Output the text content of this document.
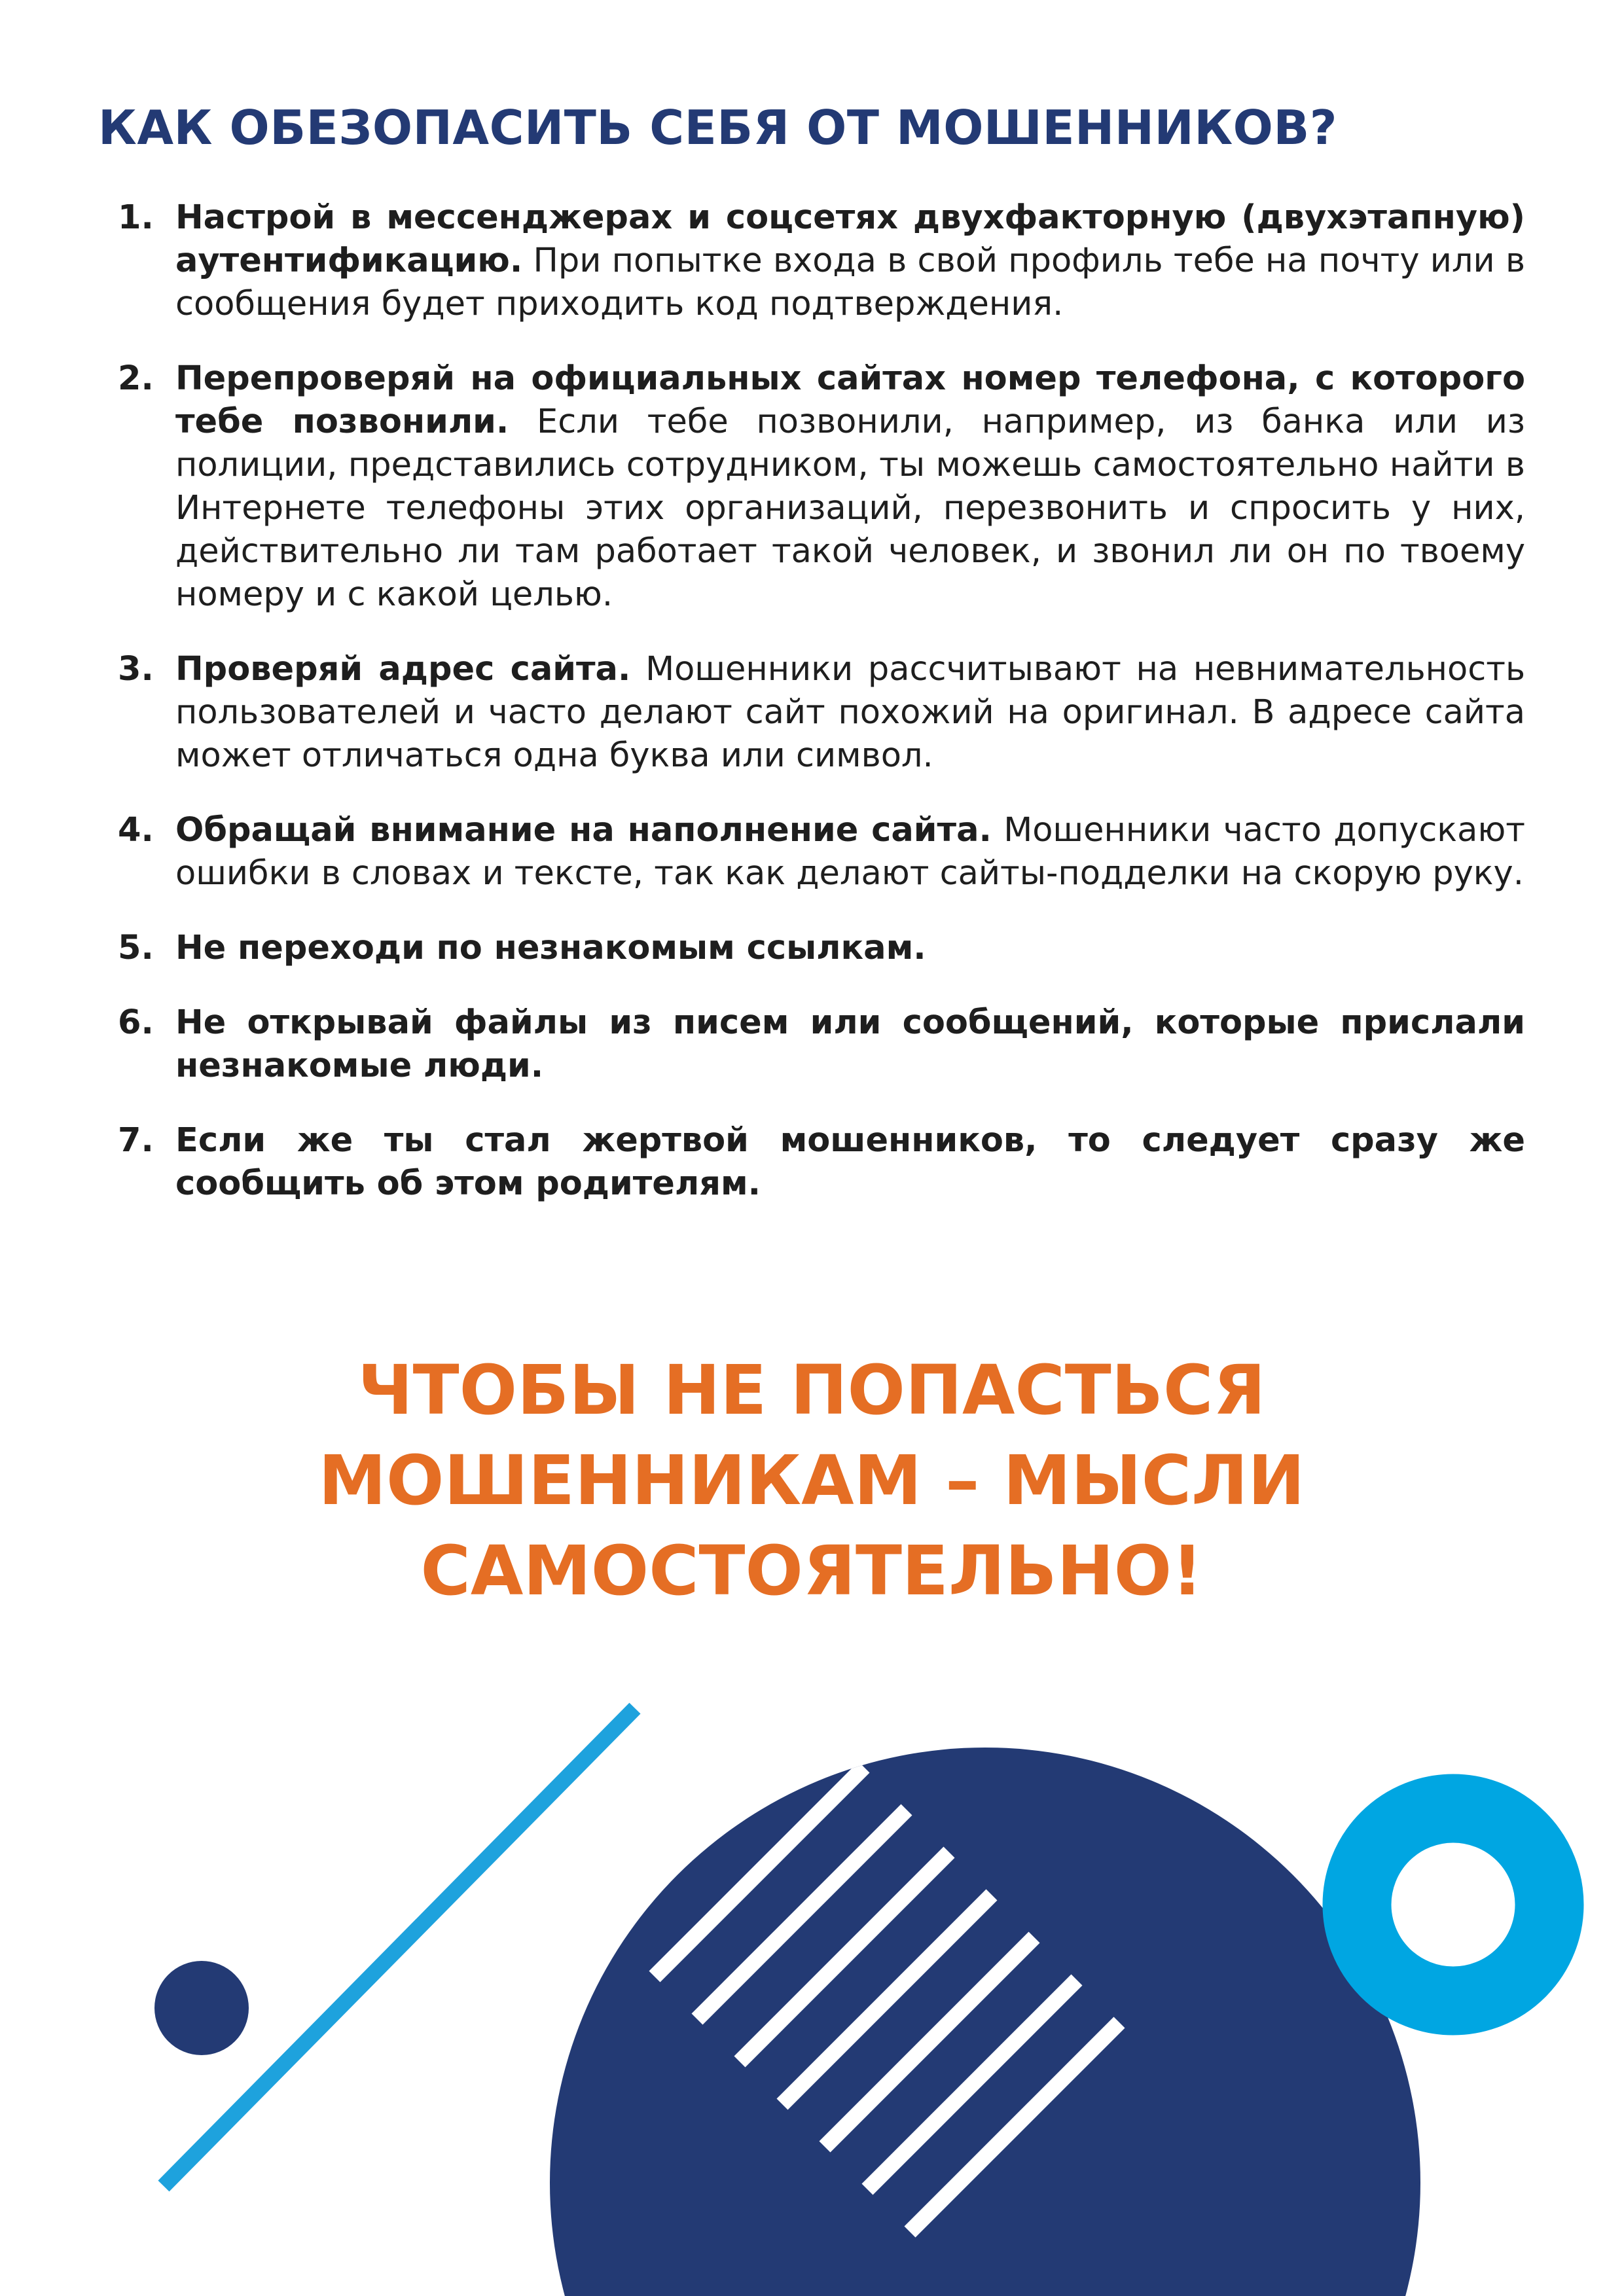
КАК ОБЕЗОПАСИТЬ СЕБЯ ОТ МОШЕННИКОВ?
1. Настрой в мессенджерах и соцсетях двухфакторную (двухэтапную) аутентификацию. При попытке входа в свой профиль тебе на почту или в сообщения будет приходить код подтверждения.
2. Перепроверяй на официальных сайтах номер телефона, с которого тебе позвонили. Если тебе позвонили, например, из банка или из полиции, представились сотрудником, ты можешь самостоятельно найти в Интернете телефоны этих организаций, перезвонить и спросить у них, действительно ли там работает такой человек, и звонил ли он по твоему номеру и с какой целью.
3. Проверяй адрес сайта. Мошенники рассчитывают на невнимательность пользователей и часто делают сайт похожий на оригинал. В адресе сайта может отличаться одна буква или символ.
4. Обращай внимание на наполнение сайта. Мошенники часто допускают ошибки в словах и тексте, так как делают сайты-подделки на скорую руку.
5. Не переходи по незнакомым ссылкам.
6. Не открывай файлы из писем или сообщений, которые прислали незнакомые люди.
7. Если же ты стал жертвой мошенников, то следует сразу же сообщить об этом родителям.
ЧТОБЫ НЕ ПОПАСТЬСЯ
МОШЕННИКАМ – МЫСЛИ
САМОСТОЯТЕЛЬНО!
